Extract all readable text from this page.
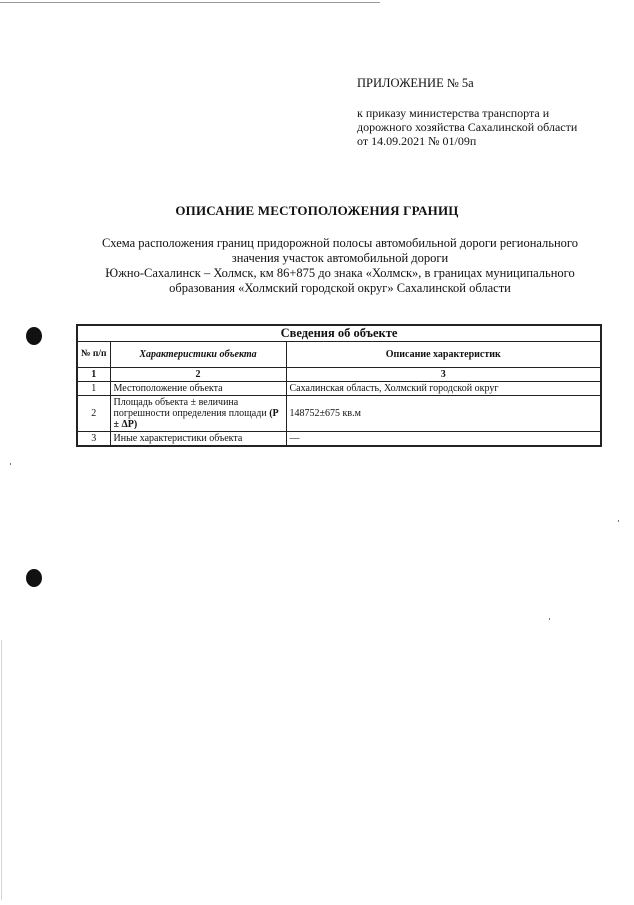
ПРИЛОЖЕНИЕ № 5а
к приказу министерства транспорта и
дорожного хозяйства Сахалинской области
от 14.09.2021 № 01/09п
ОПИСАНИЕ МЕСТОПОЛОЖЕНИЯ ГРАНИЦ
Схема расположения границ придорожной полосы автомобильной дороги регионального
значения участок автомобильной дороги
Южно-Сахалинск – Холмск, км 86+875 до знака «Холмск», в границах муниципального
образования «Холмский городской округ» Сахалинской области
Сведения об объекте		
№ п/п	Характеристики объекта	Описание характеристик
1	2	3
1	Местоположение объекта	Сахалинская область, Холмский городской округ
2	Площадь объекта ± величина погрешности определения площади (Р ± ΔР)	148752±675 кв.м
3	Иные характеристики объекта	—
